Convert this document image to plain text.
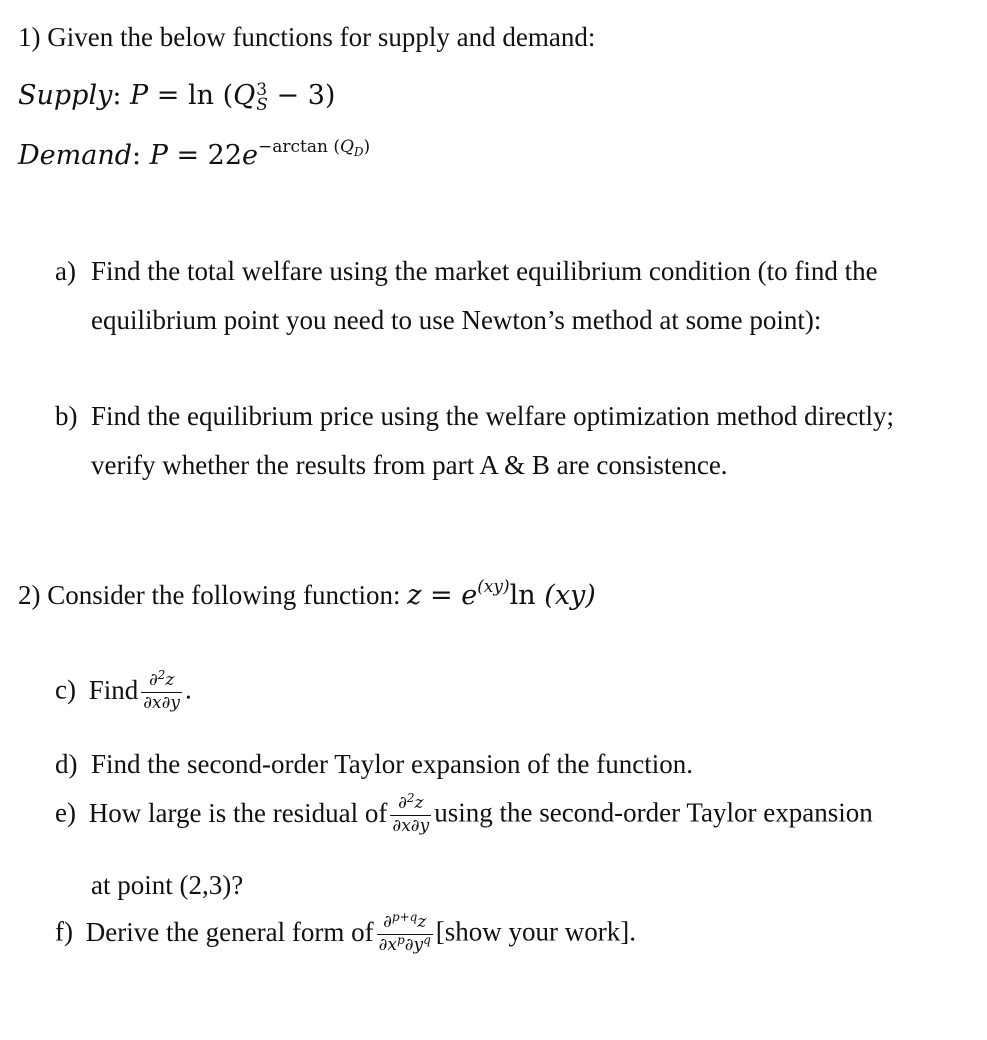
1) Given the below functions for supply and demand:
Supply: P = ln (Q 3
S − 3)
Demand: $P = 22e^{-arctan (QD)}$
a) Find the total welfare using the market equilibrium condition (to find the
equilibrium point you need to use Newton’s method at some point):
b) Find the equilibrium price using the welfare optimization method directly;
verify whether the results from part A & B are consistence.
2) Consider the following function: $z = e^{(xy)}\ln$ (xy)
c) Find $\frac{\partial^2z}{\partial x\partial y}$ .
d) Find the second-order Taylor expansion of the function.
e) How large is the residual of $\frac{\partial^2z}{\partial x\partial y}$ using the second-order Taylor expansion
at point (2,3)?
f) Derive the general form of $\frac{\partial^{p+q}z}{\partial x^p\partial y^q}$ [show your work].
